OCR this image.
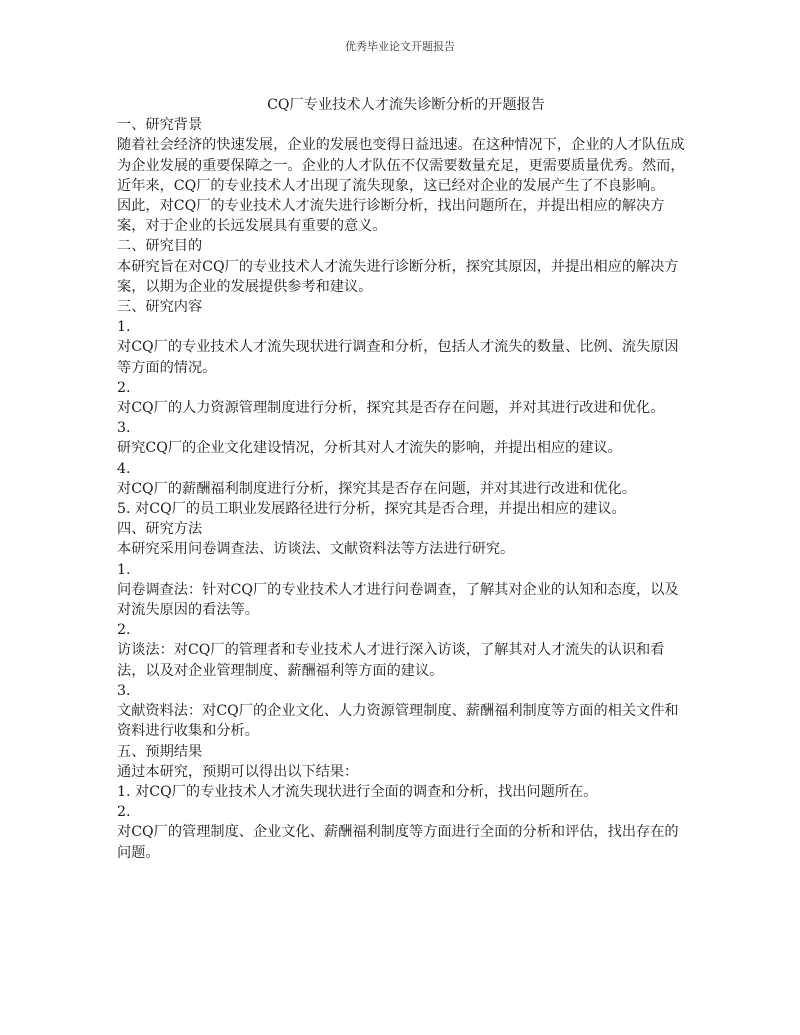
优秀毕业论文开题报告

CQ厂专业技术人才流失诊断分析的开题报告

一、研究背景

随着社会经济的快速发展，企业的发展也变得日益迅速。在这种情况下，企业的人才队伍成为企业发展的重要保障之一。企业的人才队伍不仅需要数量充足，更需要质量优秀。然而，近年来，CQ厂的专业技术人才出现了流失现象，这已经对企业的发展产生了不良影响。

因此，对CQ厂的专业技术人才流失进行诊断分析，找出问题所在，并提出相应的解决方案，对于企业的长远发展具有重要的意义。

二、研究目的

本研究旨在对CQ厂的专业技术人才流失进行诊断分析，探究其原因，并提出相应的解决方案，以期为企业的发展提供参考和建议。

三、研究内容

1.

对CQ厂的专业技术人才流失现状进行调查和分析，包括人才流失的数量、比例、流失原因等方面的情况。

2.

对CQ厂的人力资源管理制度进行分析，探究其是否存在问题，并对其进行改进和优化。

3.

研究CQ厂的企业文化建设情况，分析其对人才流失的影响，并提出相应的建议。

4.

对CQ厂的薪酬福利制度进行分析，探究其是否存在问题，并对其进行改进和优化。

5. 对CQ厂的员工职业发展路径进行分析，探究其是否合理，并提出相应的建议。

四、研究方法

本研究采用问卷调查法、访谈法、文献资料法等方法进行研究。

1.

问卷调查法：针对CQ厂的专业技术人才进行问卷调查，了解其对企业的认知和态度，以及对流失原因的看法等。

2.

访谈法：对CQ厂的管理者和专业技术人才进行深入访谈，了解其对人才流失的认识和看法，以及对企业管理制度、薪酬福利等方面的建议。

3.

文献资料法：对CQ厂的企业文化、人力资源管理制度、薪酬福利制度等方面的相关文件和资料进行收集和分析。

五、预期结果

通过本研究，预期可以得出以下结果：

1. 对CQ厂的专业技术人才流失现状进行全面的调查和分析，找出问题所在。

2.

对CQ厂的管理制度、企业文化、薪酬福利制度等方面进行全面的分析和评估，找出存在的问题。
